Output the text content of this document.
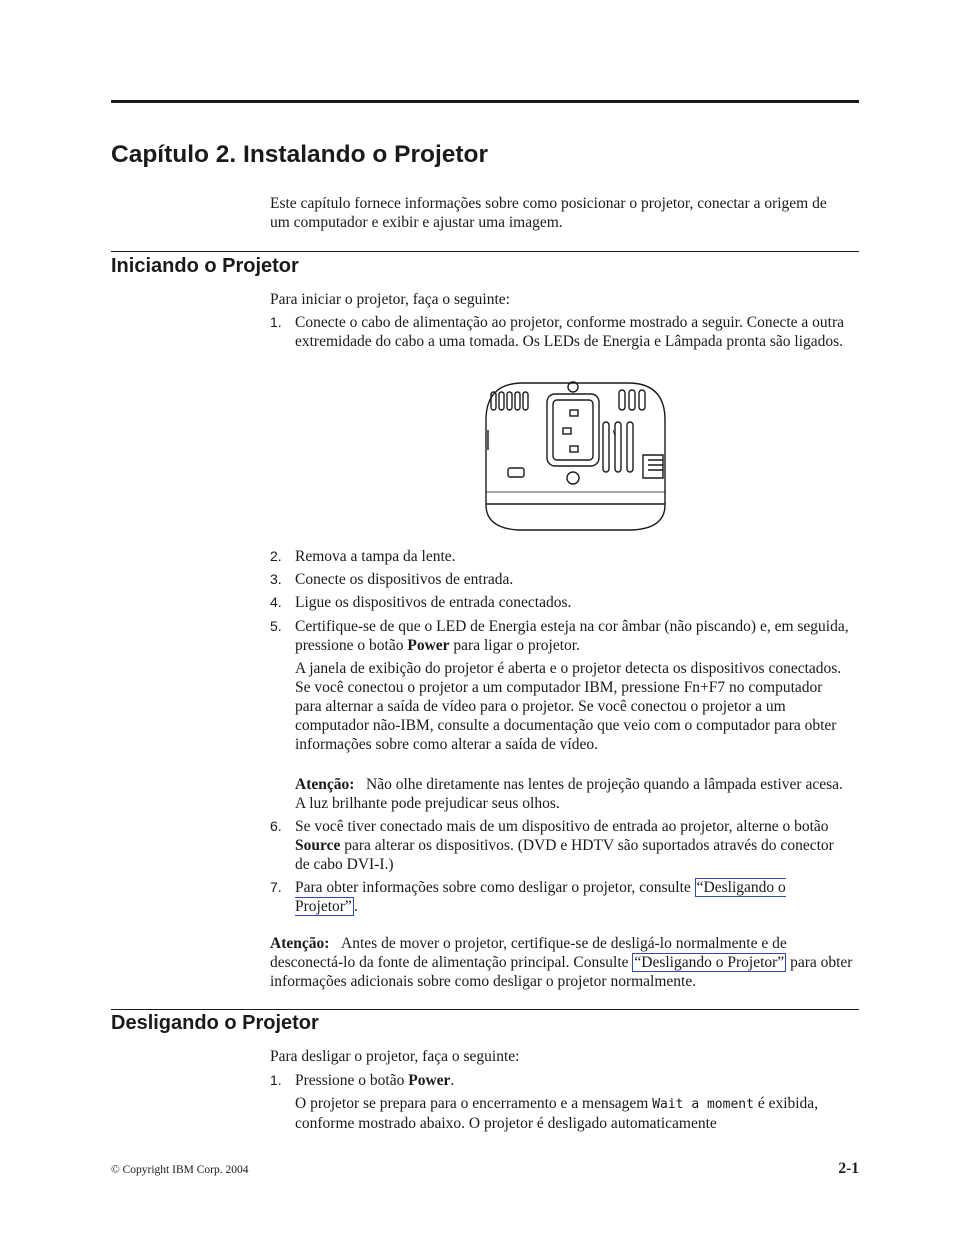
Capítulo 2. Instalando o Projetor

Este capítulo fornece informações sobre como posicionar o projetor, conectar a origem de um computador e exibir e ajustar uma imagem.

Iniciando o Projetor

Para iniciar o projetor, faça o seguinte:

1. Conecte o cabo de alimentação ao projetor, conforme mostrado a seguir. Conecte a outra extremidade do cabo a uma tomada. Os LEDs de Energia e Lâmpada pronta são ligados.
2. Remova a tampa da lente.
3. Conecte os dispositivos de entrada.
4. Ligue os dispositivos de entrada conectados.
5. Certifique-se de que o LED de Energia esteja na cor âmbar (não piscando) e, em seguida, pressione o botão Power para ligar o projetor.

A janela de exibição do projetor é aberta e o projetor detecta os dispositivos conectados. Se você conectou o projetor a um computador IBM, pressione Fn+F7 no computador para alternar a saída de vídeo para o projetor. Se você conectou o projetor a um computador não-IBM, consulte a documentação que veio com o computador para obter informações sobre como alterar a saída de vídeo.

Atenção: Não olhe diretamente nas lentes de projeção quando a lâmpada estiver acesa. A luz brilhante pode prejudicar seus olhos.

6. Se você tiver conectado mais de um dispositivo de entrada ao projetor, alterne o botão Source para alterar os dispositivos. (DVD e HDTV são suportados através do conector de cabo DVI-I.)
7. Para obter informações sobre como desligar o projetor, consulte “Desligando o Projetor” .

Atenção: Antes de mover o projetor, certifique-se de desligá-lo normalmente e de desconectá-lo da fonte de alimentação principal. Consulte “Desligando o Projetor” para obter informações adicionais sobre como desligar o projetor normalmente.

Desligando o Projetor

Para desligar o projetor, faça o seguinte:

1. Pressione o botão Power.

O projetor se prepara para o encerramento e a mensagem Wait a moment é exibida, conforme mostrado abaixo. O projetor é desligado automaticamente

© Copyright IBM Corp. 2004	2-1
